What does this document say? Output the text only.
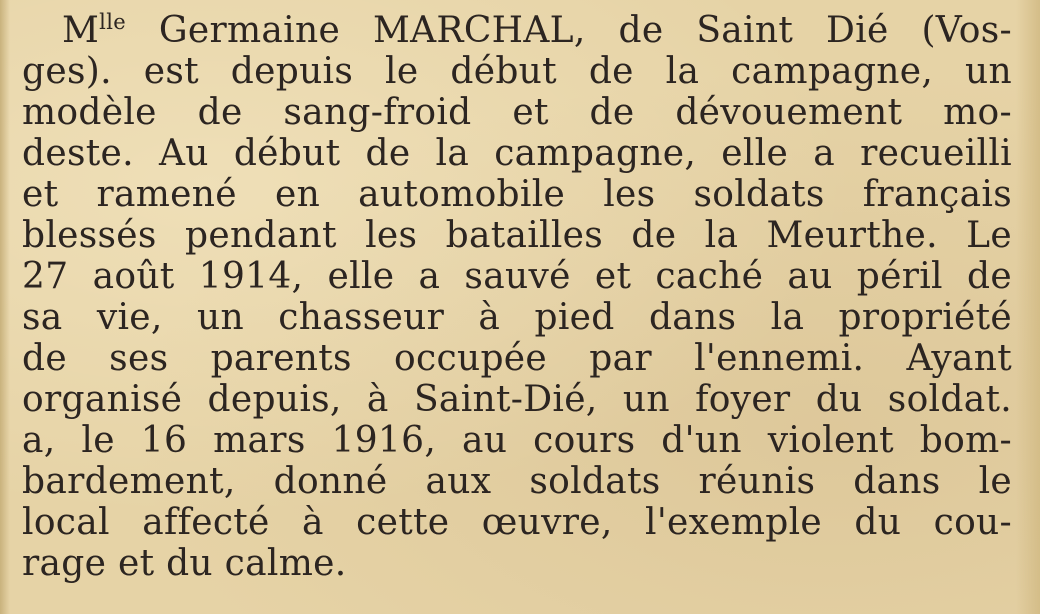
$M^{lle}$ Germaine MARCHAL, de Saint Dié (Vos-
ges). est depuis le début de la campagne, un
modèle de sang-froid et de dévouement mo-
deste. Au début de la campagne, elle a recueilli
et ramené en automobile les soldats français
blessés pendant les batailles de la Meurthe. Le
27 août 1914, elle a sauvé et caché au péril de
sa vie, un chasseur à pied dans la propriété
de ses parents occupée par l'ennemi. Ayant
organisé depuis, à Saint-Dié, un foyer du soldat.
a, le 16 mars 1916, au cours d'un violent bom-
bardement, donné aux soldats réunis dans le
local affecté à cette œuvre, l'exemple du cou-
rage et du calme.
